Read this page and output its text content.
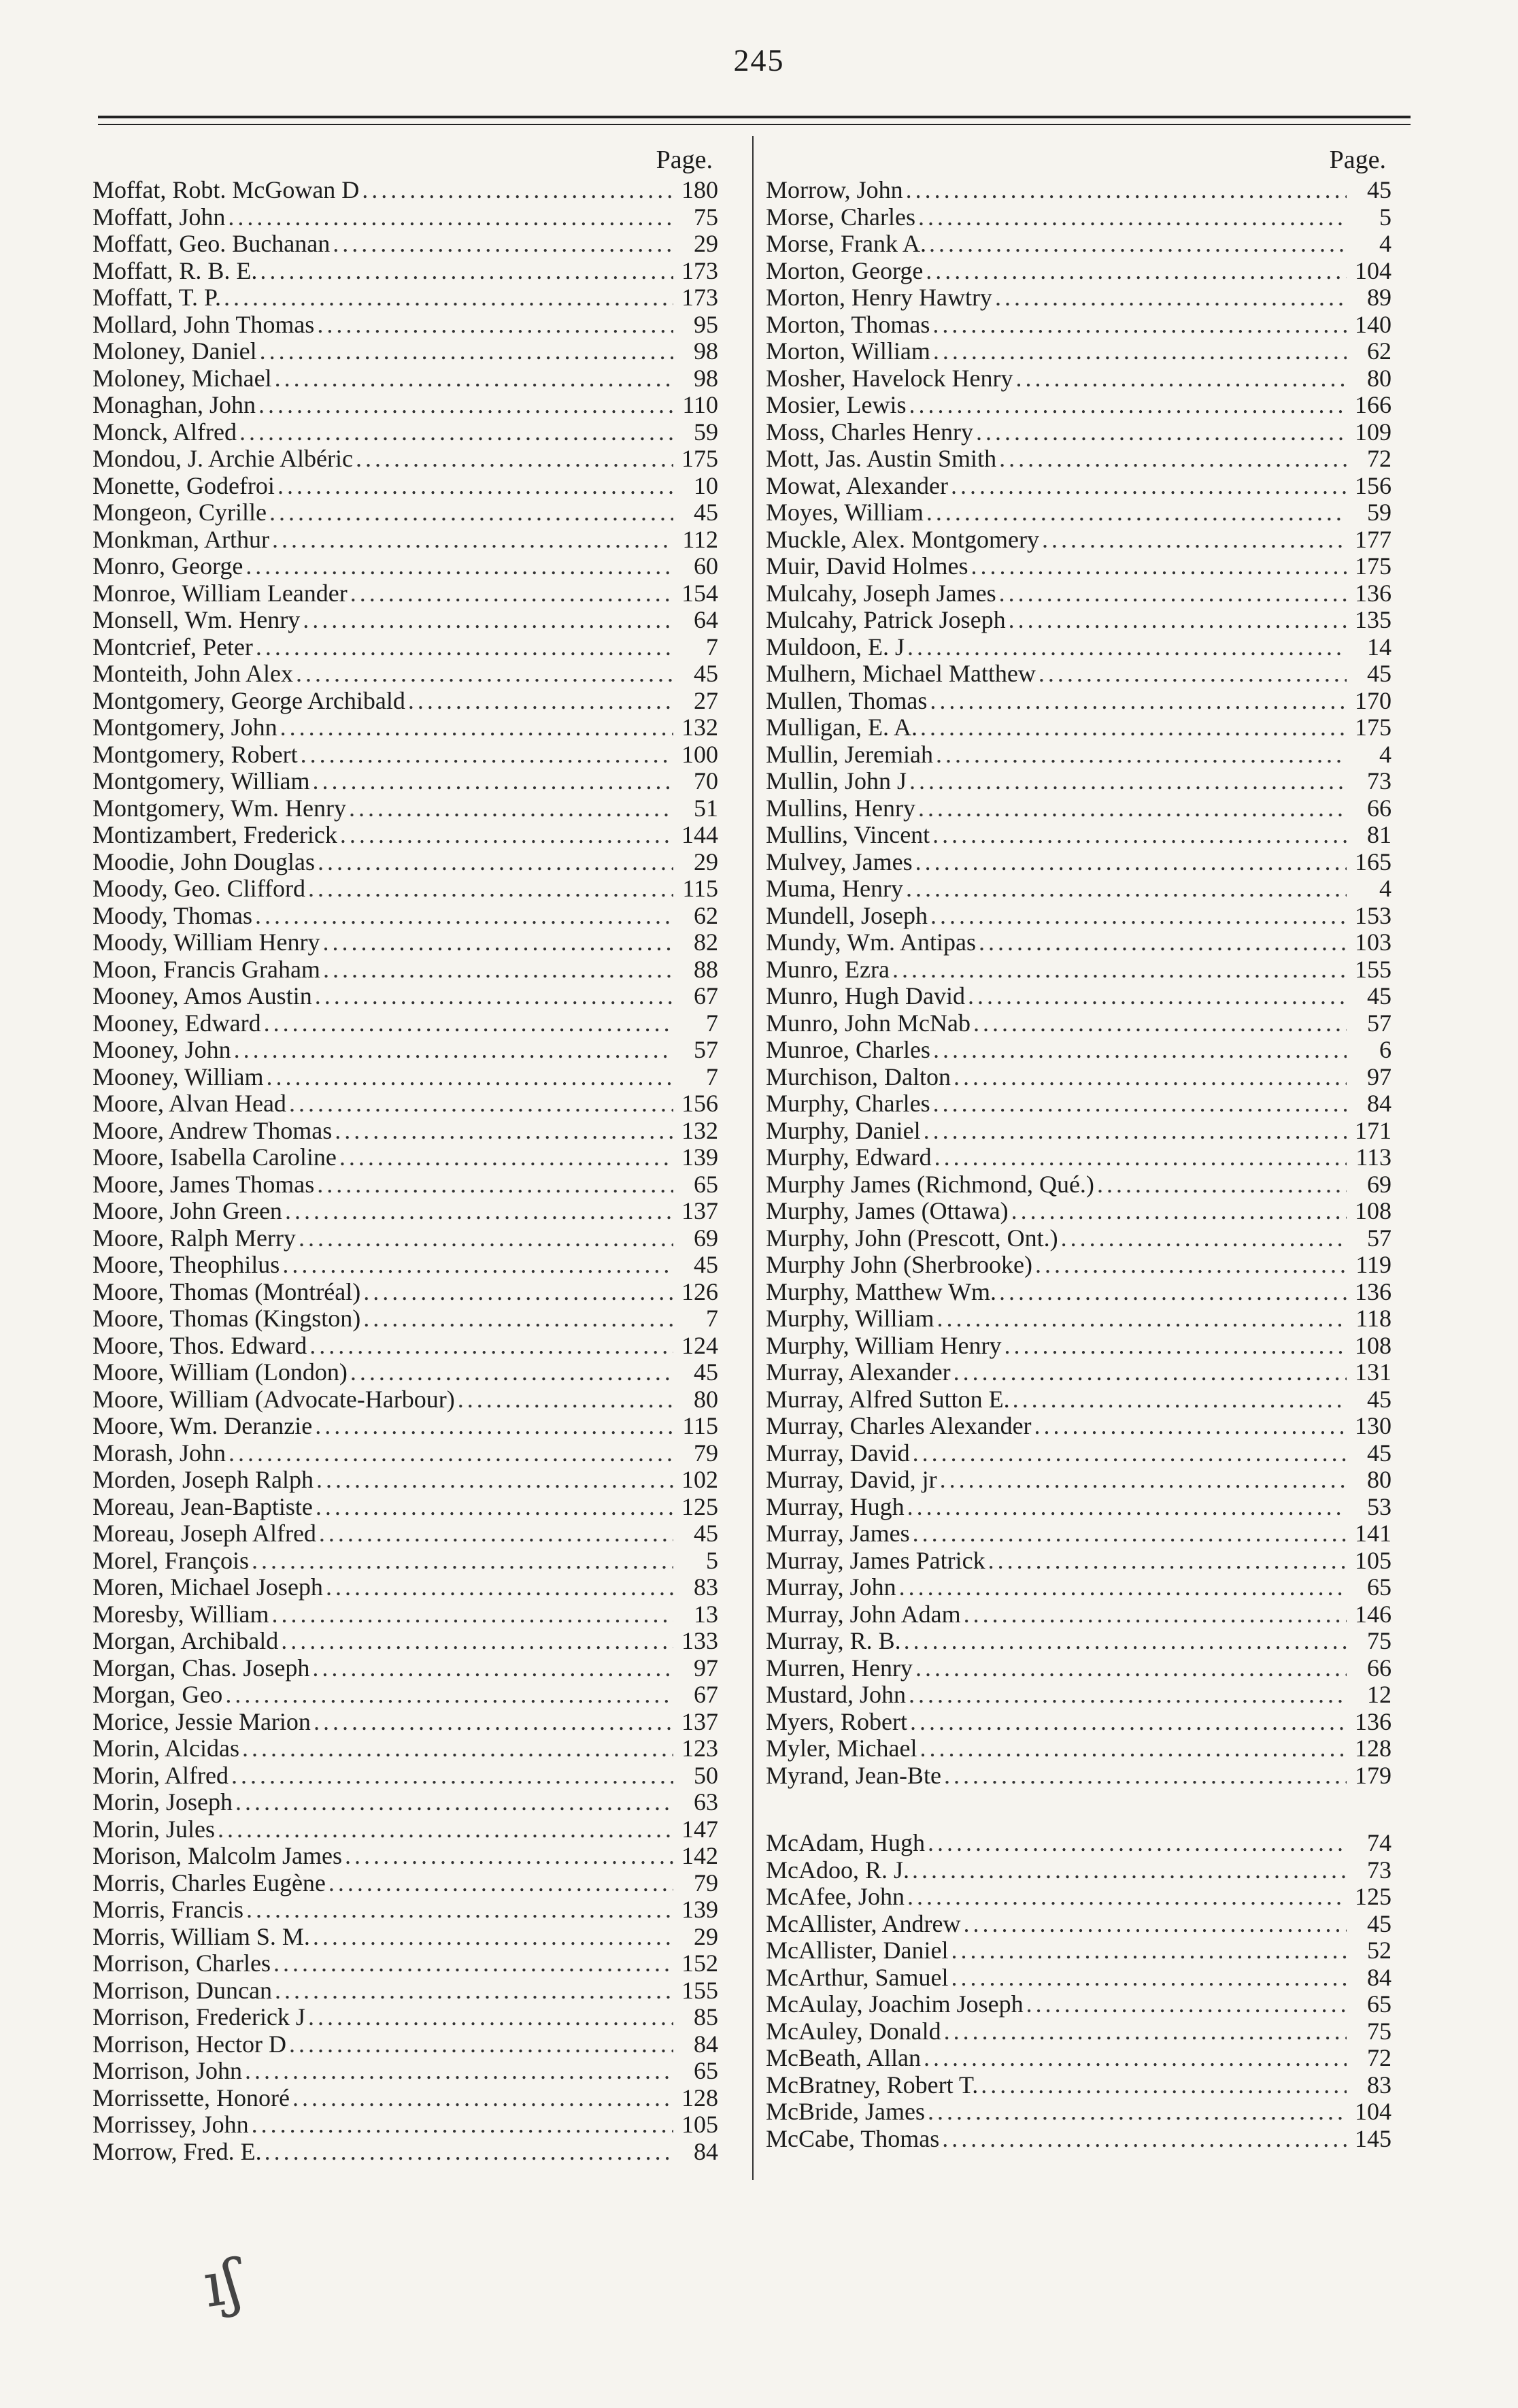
245
Page.
Moffat, Robt. McGowan D . . .	180
Moffatt, John . . .	75
Moffatt, Geo. Buchanan . . .	29
Moffatt, R. B. E. . . .	173
Moffatt, T. P. . . .	173
Mollard, John Thomas . . .	95
Moloney, Daniel . . .	98
Moloney, Michael . . .	98
Monaghan, John . . .	110
Monck, Alfred . . .	59
Mondou, J. Archie Albéric . . .	175
Monette, Godefroi . . .	10
Mongeon, Cyrille . . .	45
Monkman, Arthur . . .	112
Monro, George . . .	60
Monroe, William Leander . . .	154
Monsell, Wm. Henry . . .	64
Montcrief, Peter . . .	7
Monteith, John Alex . . .	45
Montgomery, George Archibald . . .	27
Montgomery, John . . .	132
Montgomery, Robert . . .	100
Montgomery, William . . .	70
Montgomery, Wm. Henry . . .	51
Montizambert, Frederick . . .	144
Moodie, John Douglas . . .	29
Moody, Geo. Clifford . . .	115
Moody, Thomas . . .	62
Moody, William Henry . . .	82
Moon, Francis Graham . . .	88
Mooney, Amos Austin . . .	67
Mooney, Edward . . .	7
Mooney, John . . .	57
Mooney, William . . .	7
Moore, Alvan Head . . .	156
Moore, Andrew Thomas . . .	132
Moore, Isabella Caroline . . .	139
Moore, James Thomas . . .	65
Moore, John Green . . .	137
Moore, Ralph Merry . . .	69
Moore, Theophilus . . .	45
Moore, Thomas (Montréal) . . .	126
Moore, Thomas (Kingston) . . .	7
Moore, Thos. Edward . . .	124
Moore, William (London) . . .	45
Moore, William (Advocate-Harbour) . . .	80
Moore, Wm. Deranzie . . .	115
Morash, John . . .	79
Morden, Joseph Ralph . . .	102
Moreau, Jean-Baptiste . . .	125
Moreau, Joseph Alfred . . .	45
Morel, François . . .	5
Moren, Michael Joseph . . .	83
Moresby, William . . .	13
Morgan, Archibald . . .	133
Morgan, Chas. Joseph . . .	97
Morgan, Geo . . .	67
Morice, Jessie Marion . . .	137
Morin, Alcidas . . .	123
Morin, Alfred . . .	50
Morin, Joseph . . .	63
Morin, Jules . . .	147
Morison, Malcolm James . . .	142
Morris, Charles Eugène . . .	79
Morris, Francis . . .	139
Morris, William S. M. . . .	29
Morrison, Charles . . .	152
Morrison, Duncan . . .	155
Morrison, Frederick J . . .	85
Morrison, Hector D . . .	84
Morrison, John . . .	65
Morrissette, Honoré . . .	128
Morrissey, John . . .	105
Morrow, Fred. E. . . .	84
Page.
Morrow, John . . .	45
Morse, Charles . . .	5
Morse, Frank A. . . .	4
Morton, George . . .	104
Morton, Henry Hawtry . . .	89
Morton, Thomas . . .	140
Morton, William . . .	62
Mosher, Havelock Henry . . .	80
Mosier, Lewis . . .	166
Moss, Charles Henry . . .	109
Mott, Jas. Austin Smith . . .	72
Mowat, Alexander . . .	156
Moyes, William . . .	59
Muckle, Alex. Montgomery . . .	177
Muir, David Holmes . . .	175
Mulcahy, Joseph James . . .	136
Mulcahy, Patrick Joseph . . .	135
Muldoon, E. J . . .	14
Mulhern, Michael Matthew . . .	45
Mullen, Thomas . . .	170
Mulligan, E. A. . . .	175
Mullin, Jeremiah . . .	4
Mullin, John J . . .	73
Mullins, Henry . . .	66
Mullins, Vincent . . .	81
Mulvey, James . . .	165
Muma, Henry . . .	4
Mundell, Joseph . . .	153
Mundy, Wm. Antipas . . .	103
Munro, Ezra . . .	155
Munro, Hugh David . . .	45
Munro, John McNab . . .	57
Munroe, Charles . . .	6
Murchison, Dalton . . .	97
Murphy, Charles . . .	84
Murphy, Daniel . . .	171
Murphy, Edward . . .	113
Murphy James (Richmond, Qué.) . . .	69
Murphy, James (Ottawa) . . .	108
Murphy, John (Prescott, Ont.) . . .	57
Murphy John (Sherbrooke) . . .	119
Murphy, Matthew Wm. . . .	136
Murphy, William . . .	118
Murphy, William Henry . . .	108
Murray, Alexander . . .	131
Murray, Alfred Sutton E. . . .	45
Murray, Charles Alexander . . .	130
Murray, David . . .	45
Murray, David, jr . . .	80
Murray, Hugh . . .	53
Murray, James . . .	141
Murray, James Patrick . . .	105
Murray, John . . .	65
Murray, John Adam . . .	146
Murray, R. B. . . .	75
Murren, Henry . . .	66
Mustard, John . . .	12
Myers, Robert . . .	136
Myler, Michael . . .	128
Myrand, Jean-Bte . . .	179
McAdam, Hugh . . .	74
McAdoo, R. J. . . .	73
McAfee, John . . .	125
McAllister, Andrew . . .	45
McAllister, Daniel . . .	52
McArthur, Samuel . . .	84
McAulay, Joachim Joseph . . .	65
McAuley, Donald . . .	75
McBeath, Allan . . .	72
McBratney, Robert T. . . .	83
McBride, James . . .	104
McCabe, Thomas . . .	145
ıʃ
